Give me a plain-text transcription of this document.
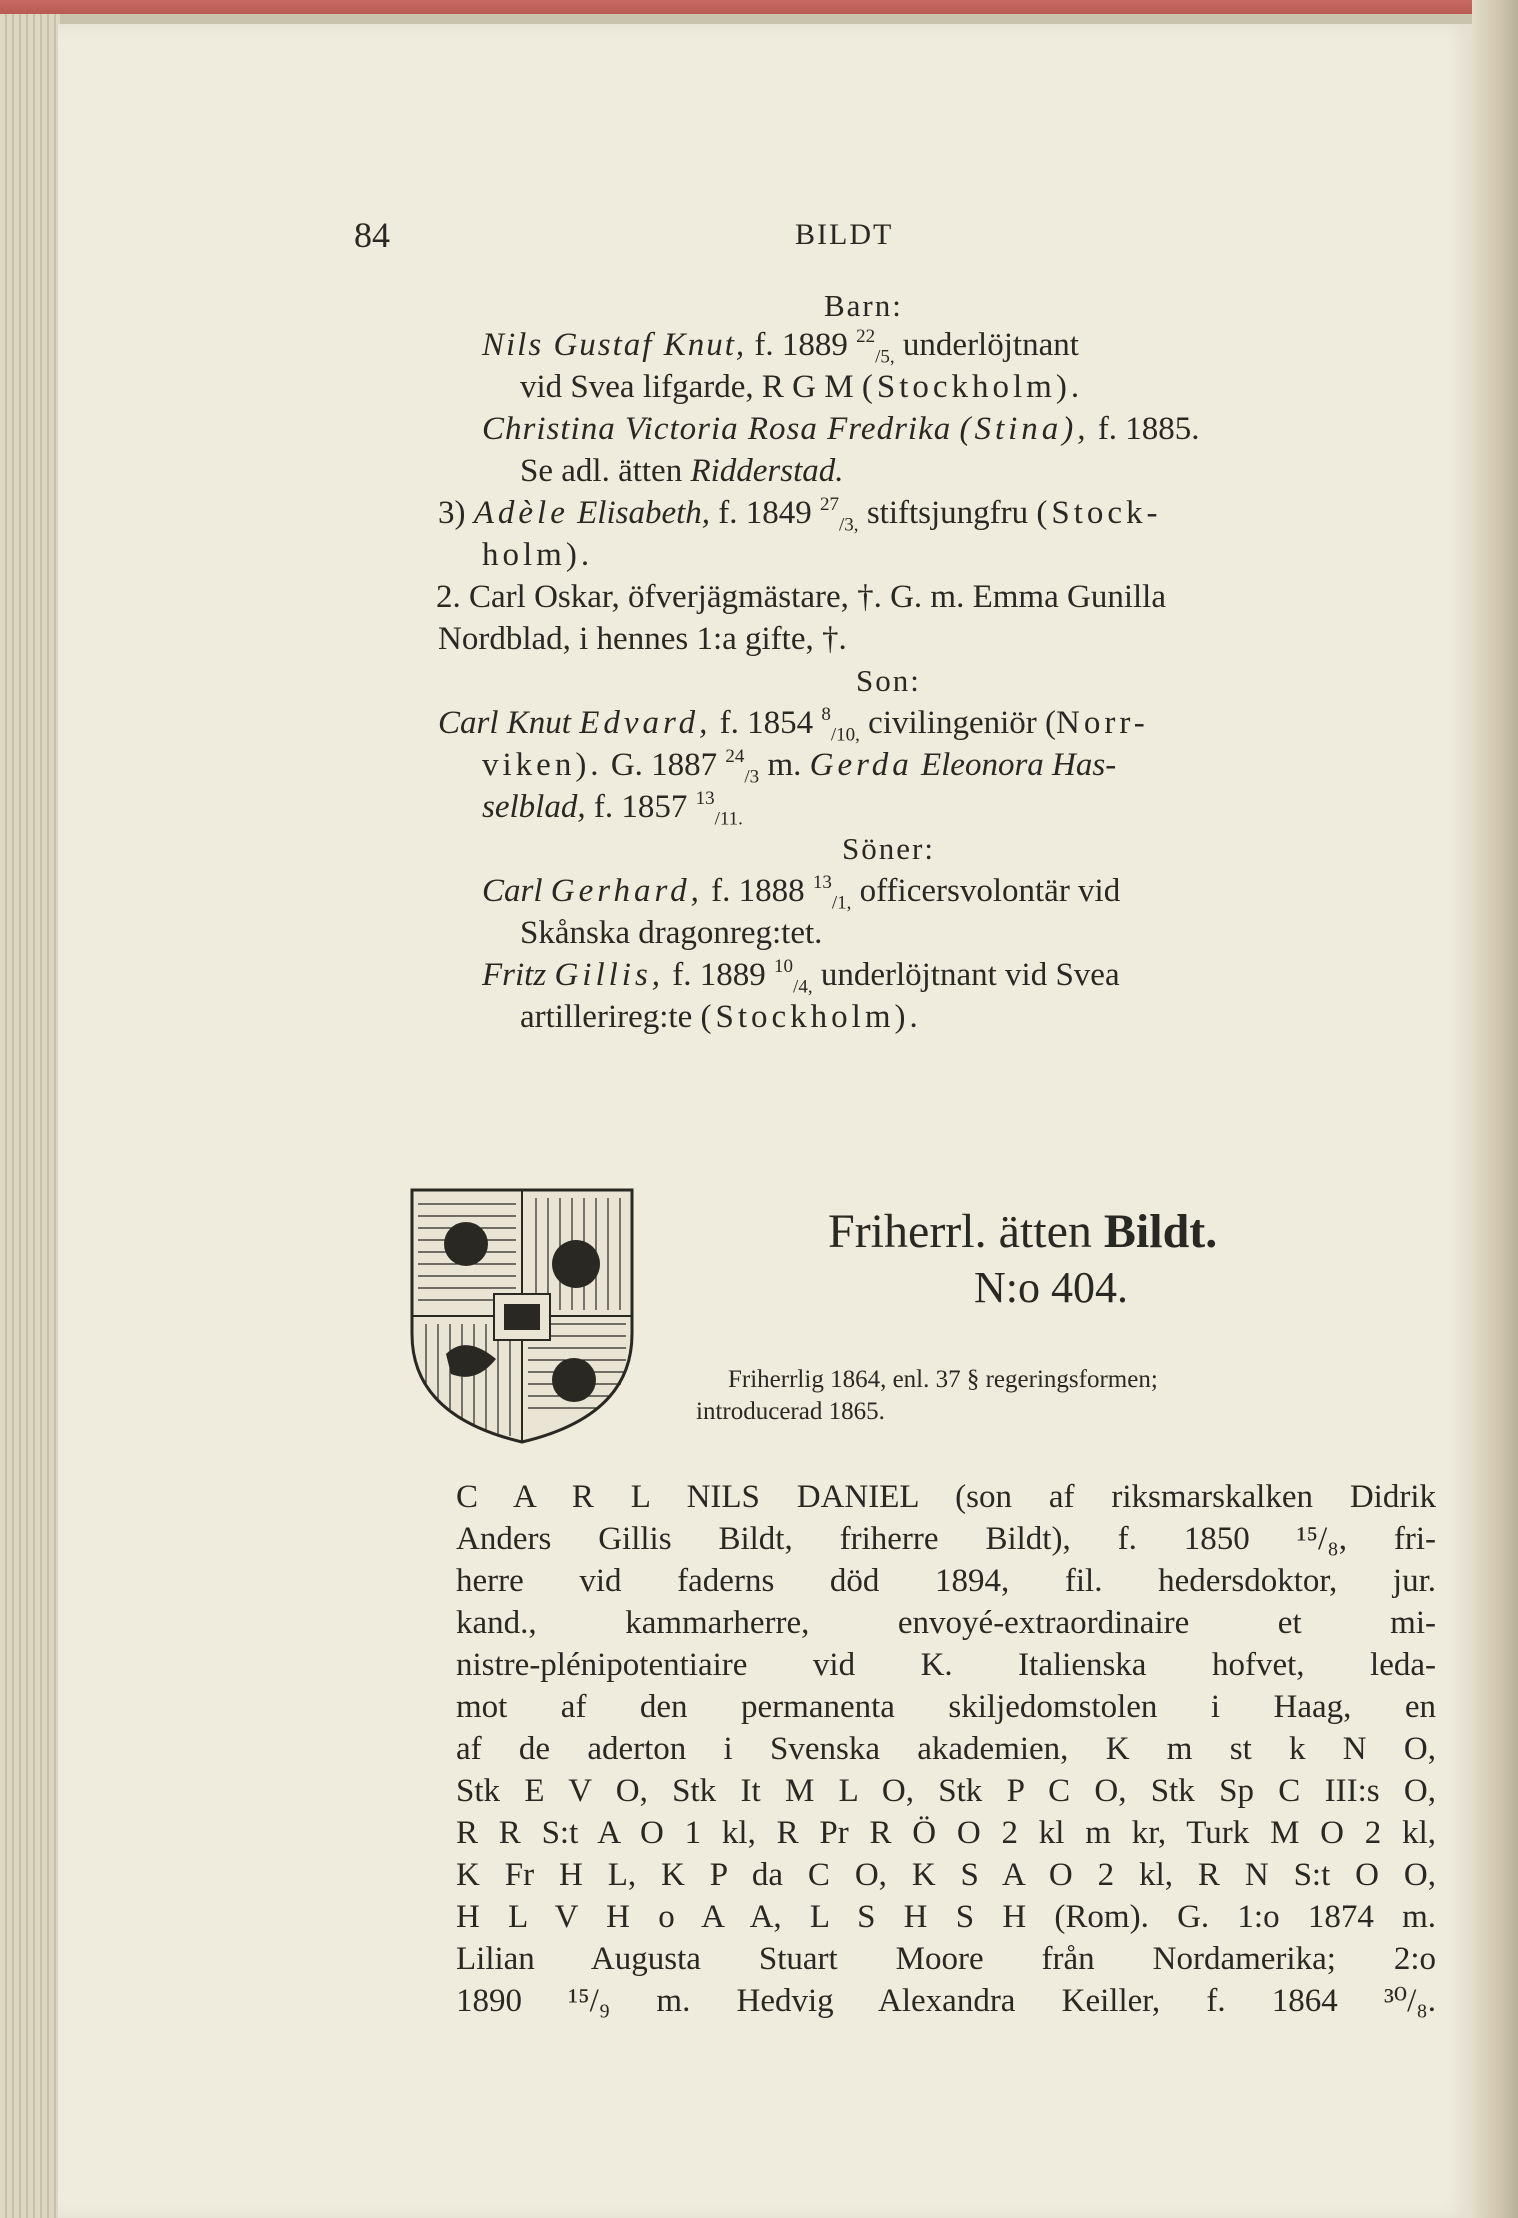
84	BILDT
Barn:
Nils Gustaf Knut, f. 1889 $^{22}_{/5,}$ underlöjtnant
vid Svea lifgarde, R G M (Stockholm).
Christina Victoria Rosa Fredrika (Stina), f. 1885.
Se adl. ätten Ridderstad.
3) Adèle Elisabeth, f. 1849 $^{27}_{/3,}$ stiftsjungfru (Stock-
holm).
2. Carl Oskar, öfverjägmästare, †. G. m. Emma Gunilla
Nordblad, i hennes 1:a gifte, †.
Son:
Carl Knut Edvard, f. 1854 $^8_{/10,}$ civilingeniör (Norr-
viken). G. 1887 $^{24}_{/3}$ m. Gerda Eleonora Has-
selblad, f. 1857 $^{13}_{/11.}$
Söner:
Carl Gerhard, f. 1888 $^{13}_{/1,}$ officersvolontär vid
Skånska dragonreg:tet.
Fritz Gillis, f. 1889 $^{10}_{/4,}$ underlöjtnant vid Svea
artillerireg:te (Stockholm).
Friherrl. ätten Bildt.
N:o 404.
Friherrlig 1864, enl. 37 § regeringsformen;
introducerad 1865.
C A R L NILS DANIEL (son af riksmarskalken Didrik
Anders Gillis Bildt, friherre Bildt), f. 1850 ¹⁵/₈, fri-
herre vid faderns död 1894, fil. hedersdoktor, jur.
kand., kammarherre, envoyé-extraordinaire et mi-
nistre-plénipotentiaire vid K. Italienska hofvet, leda-
mot af den permanenta skiljedomstolen i Haag, en
af de aderton i Svenska akademien, K m st k N O,
Stk E V O, Stk It M L O, Stk P C O, Stk Sp C III:s O,
R R S:t A O 1 kl, R Pr R Ö O 2 kl m kr, Turk M O 2 kl,
K Fr H L, K P da C O, K S A O 2 kl, R N S:t O O,
H L V H o A A, L S H S H (Rom). G. 1:o 1874 m.
Lilian Augusta Stuart Moore från Nordamerika; 2:o
1890 ¹⁵/₉ m. Hedvig Alexandra Keiller, f. 1864 ³⁰/₈.
